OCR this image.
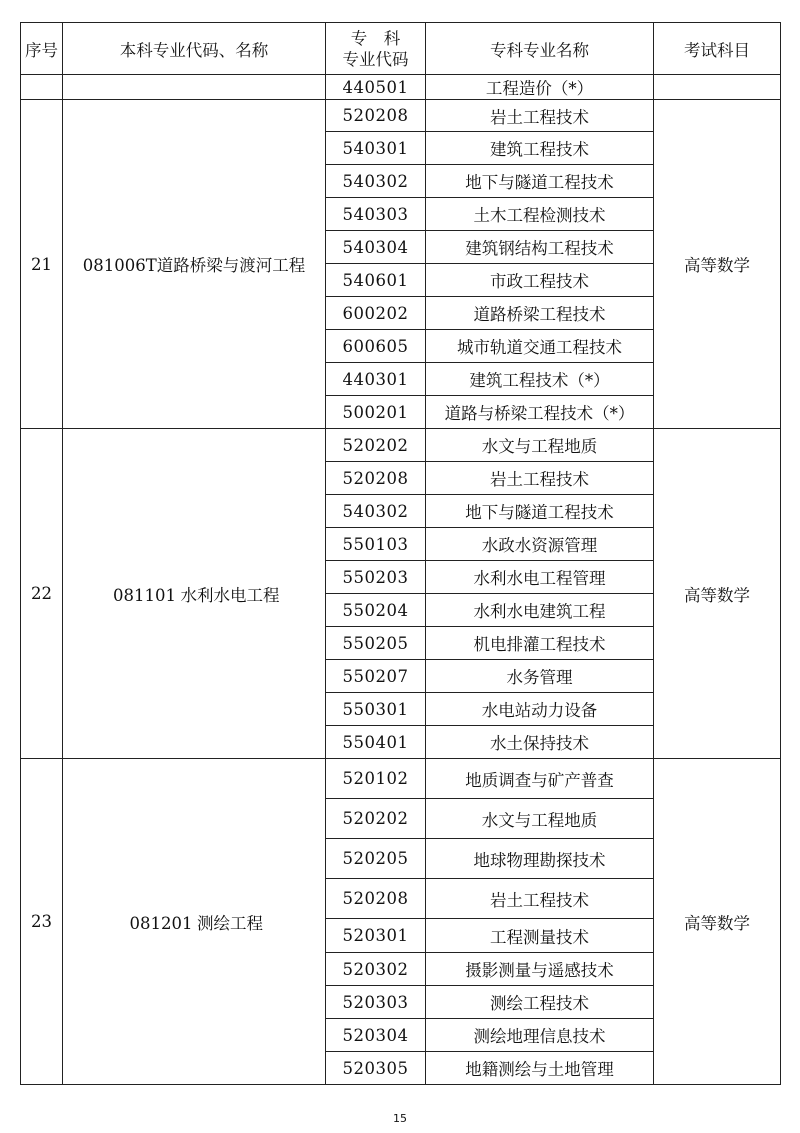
序号	本科专业代码、名称	专　科
专业代码	专科专业名称	考试科目
		440501	工程造价（*）	
21	081006T道路桥梁与渡河工程	520208	岩土工程技术	高等数学
		540301	建筑工程技术	
		540302	地下与隧道工程技术	
		540303	土木工程检测技术	
		540304	建筑钢结构工程技术	
		540601	市政工程技术	
		600202	道路桥梁工程技术	
		600605	城市轨道交通工程技术	
		440301	建筑工程技术（*）	
		500201	道路与桥梁工程技术（*）	
22	081101 水利水电工程	520202	水文与工程地质	高等数学
		520208	岩土工程技术	
		540302	地下与隧道工程技术	
		550103	水政水资源管理	
		550203	水利水电工程管理	
		550204	水利水电建筑工程	
		550205	机电排灌工程技术	
		550207	水务管理	
		550301	水电站动力设备	
		550401	水土保持技术	
23	081201 测绘工程	520102	地质调查与矿产普查	高等数学
		520202	水文与工程地质	
		520205	地球物理勘探技术	
		520208	岩土工程技术	
		520301	工程测量技术	
		520302	摄影测量与遥感技术	
		520303	测绘工程技术	
		520304	测绘地理信息技术	
		520305	地籍测绘与土地管理	
15
